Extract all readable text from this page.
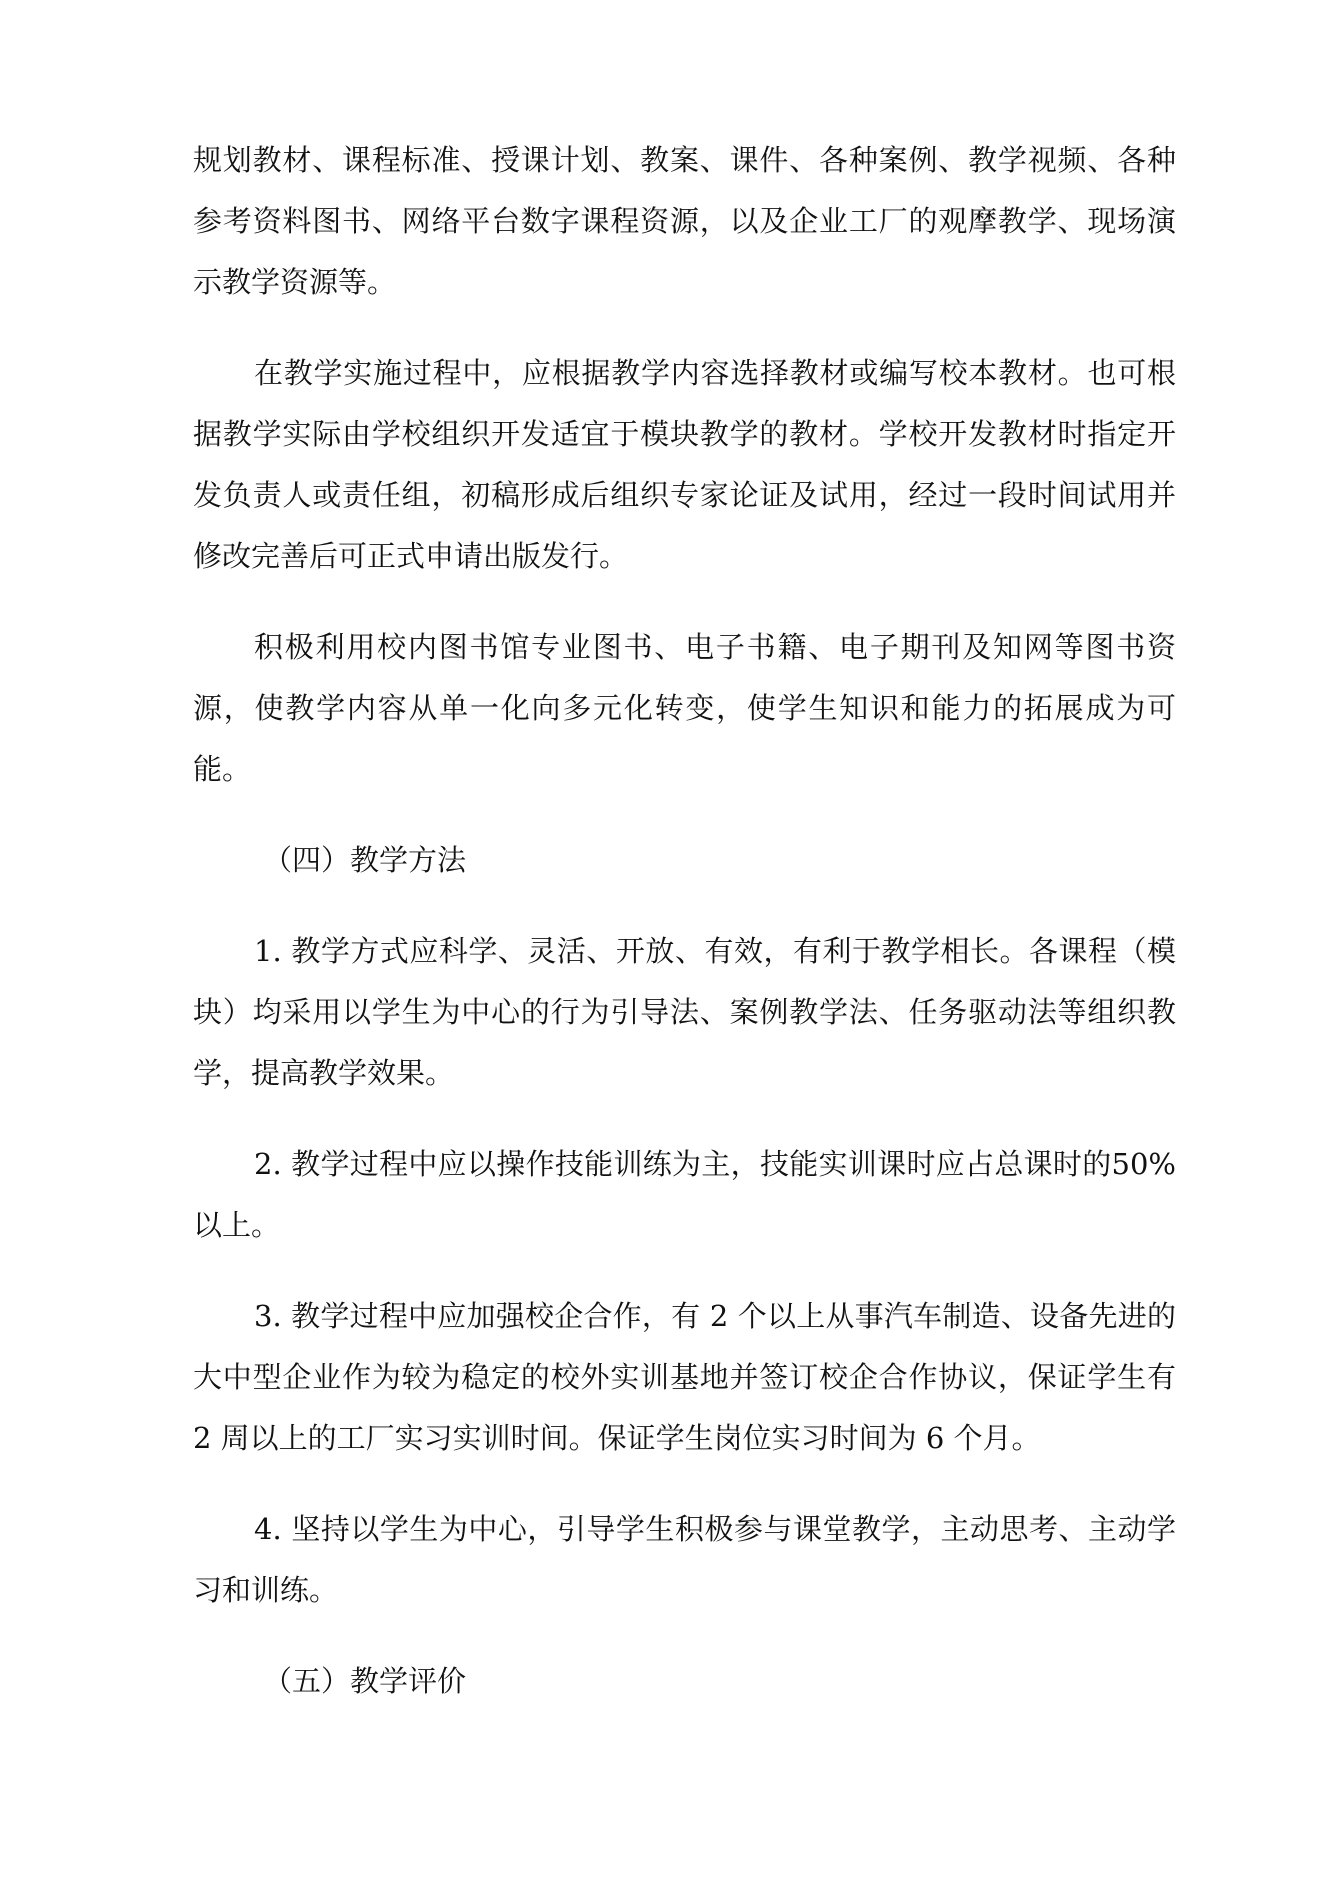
规划教材、课程标准、授课计划、教案、课件、各种案例、教学视频、各种参考资料图书、网络平台数字课程资源，以及企业工厂的观摩教学、现场演示教学资源等。

在教学实施过程中，应根据教学内容选择教材或编写校本教材。也可根据教学实际由学校组织开发适宜于模块教学的教材。学校开发教材时指定开发负责人或责任组，初稿形成后组织专家论证及试用，经过一段时间试用并修改完善后可正式申请出版发行。

积极利用校内图书馆专业图书、电子书籍、电子期刊及知网等图书资源，使教学内容从单一化向多元化转变，使学生知识和能力的拓展成为可能。

（四）教学方法

1. 教学方式应科学、灵活、开放、有效，有利于教学相长。各课程（模块）均采用以学生为中心的行为引导法、案例教学法、任务驱动法等组织教学，提高教学效果。

2. 教学过程中应以操作技能训练为主，技能实训课时应占总课时的50%以上。

3. 教学过程中应加强校企合作，有 2 个以上从事汽车制造、设备先进的大中型企业作为较为稳定的校外实训基地并签订校企合作协议，保证学生有 2 周以上的工厂实习实训时间。保证学生岗位实习时间为 6 个月。

4. 坚持以学生为中心，引导学生积极参与课堂教学，主动思考、主动学习和训练。

（五）教学评价
